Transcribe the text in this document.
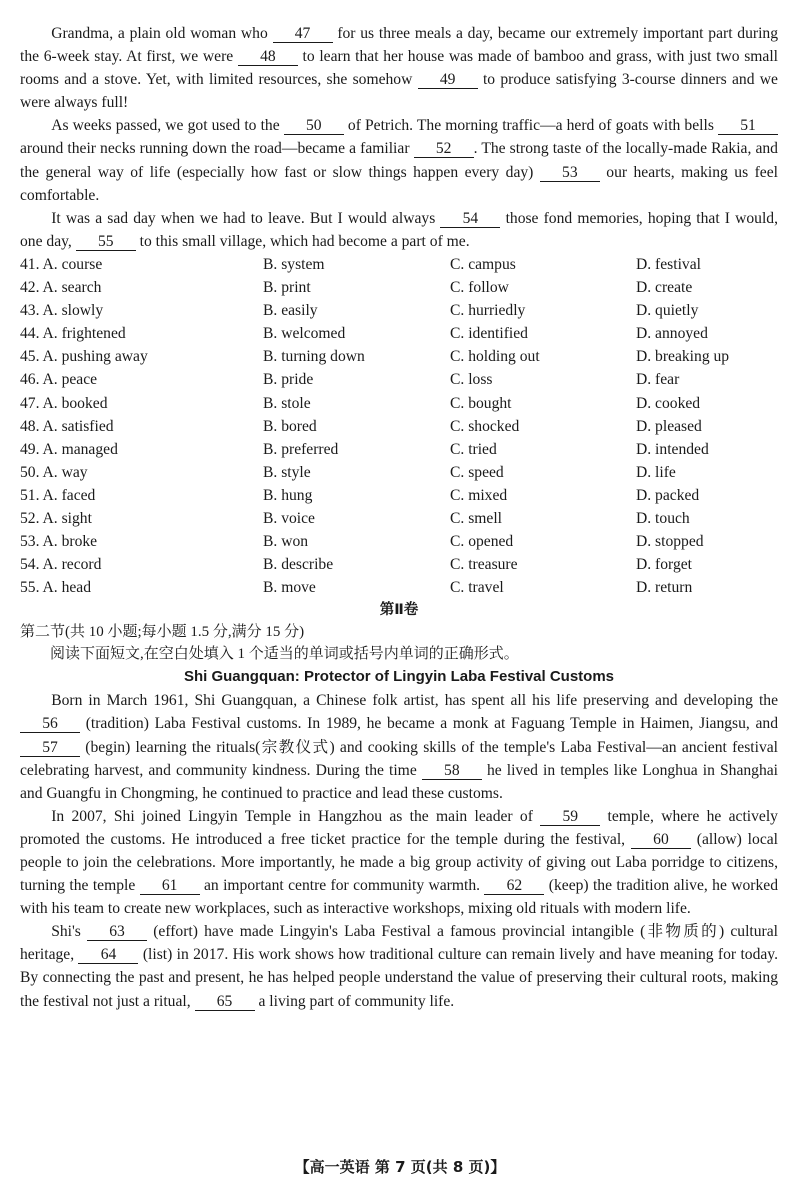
Grandma, a plain old woman who 47 for us three meals a day, became our extremely important part during the 6-week stay. At first, we were 48 to learn that her house was made of bamboo and grass, with just two small rooms and a stove. Yet, with limited resources, she somehow 49 to produce satisfying 3-course dinners and we were always full!

As weeks passed, we got used to the 50 of Petrich. The morning traffic—a herd of goats with bells 51 around their necks running down the road—became a familiar 52 . The strong taste of the locally-made Rakia, and the general way of life (especially how fast or slow things happen every day) 53 our hearts, making us feel comfortable.

It was a sad day when we had to leave. But I would always 54 those fond memories, hoping that I would, one day, 55 to this small village, which had become a part of me.

41. A. course	B. system	C. campus	D. festival
42. A. search	B. print	C. follow	D. create
43. A. slowly	B. easily	C. hurriedly	D. quietly
44. A. frightened	B. welcomed	C. identified	D. annoyed
45. A. pushing away	B. turning down	C. holding out	D. breaking up
46. A. peace	B. pride	C. loss	D. fear
47. A. booked	B. stole	C. bought	D. cooked
48. A. satisfied	B. bored	C. shocked	D. pleased
49. A. managed	B. preferred	C. tried	D. intended
50. A. way	B. style	C. speed	D. life
51. A. faced	B. hung	C. mixed	D. packed
52. A. sight	B. voice	C. smell	D. touch
53. A. broke	B. won	C. opened	D. stopped
54. A. record	B. describe	C. treasure	D. forget
55. A. head	B. move	C. travel	D. return

第Ⅱ卷

第二节(共 10 小题;每小题 1.5 分,满分 15 分)

阅读下面短文,在空白处填入 1 个适当的单词或括号内单词的正确形式。

Shi Guangquan: Protector of Lingyin Laba Festival Customs

Born in March 1961, Shi Guangquan, a Chinese folk artist, has spent all his life preserving and developing the 56 (tradition) Laba Festival customs. In 1989, he became a monk at Faguang Temple in Haimen, Jiangsu, and 57 (begin) learning the rituals(宗教仪式) and cooking skills of the temple's Laba Festival—an ancient festival celebrating harvest, and community kindness. During the time 58 he lived in temples like Longhua in Shanghai and Guangfu in Chongming, he continued to practice and lead these customs.

In 2007, Shi joined Lingyin Temple in Hangzhou as the main leader of 59 temple, where he actively promoted the customs. He introduced a free ticket practice for the temple during the festival, 60 (allow) local people to join the celebrations. More importantly, he made a big group activity of giving out Laba porridge to citizens, turning the temple 61 an important centre for community warmth. 62 (keep) the tradition alive, he worked with his team to create new workplaces, such as interactive workshops, mixing old rituals with modern life.

Shi's 63 (effort) have made Lingyin's Laba Festival a famous provincial intangible (非物质的) cultural heritage, 64 (list) in 2017. His work shows how traditional culture can remain lively and have meaning for today. By connecting the past and present, he has helped people understand the value of preserving their cultural roots, making the festival not just a ritual, 65 a living part of community life.

【高一英语 第 7 页(共 8 页)】
